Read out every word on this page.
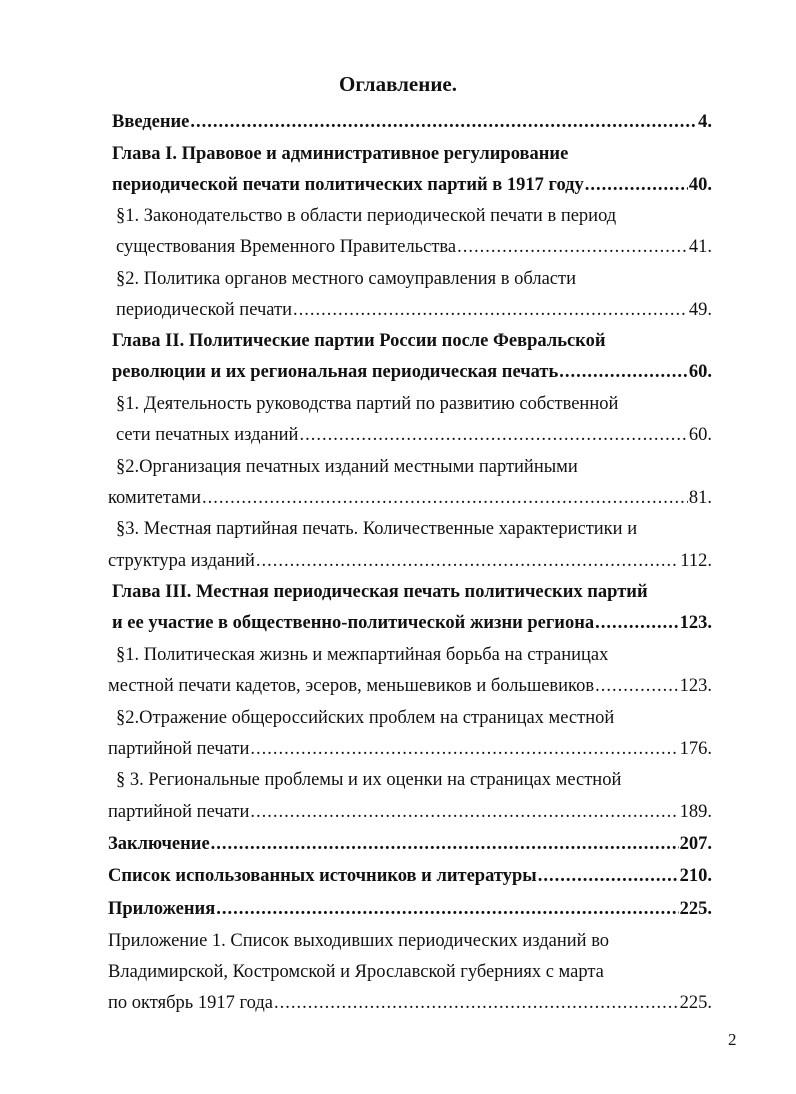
Оглавление.
Введение .....	4.
Глава I. Правовое и административное регулирование
периодической печати политических партий в 1917 году .....	40.
§1. Законодательство в области периодической печати в период
существования Временного Правительства .....	41.
§2. Политика органов местного самоуправления в области
периодической печати .....	49.
Глава II. Политические партии России после Февральской
революции и их региональная периодическая печать .....	60.
§1. Деятельность руководства партий по развитию собственной
сети печатных изданий .....	60.
§2.Организация печатных изданий местными партийными
комитетами .....	81.
§3. Местная партийная печать. Количественные характеристики и
структура изданий .....	112.
Глава III. Местная периодическая печать политических партий
и ее участие в общественно-политической жизни региона .....	123.
§1. Политическая жизнь и межпартийная борьба на страницах
местной печати кадетов, эсеров, меньшевиков и большевиков .....	123.
§2.Отражение общероссийских проблем на страницах местной
партийной печати .....	176.
§ 3. Региональные проблемы и их оценки на страницах местной
партийной печати .....	189.
Заключение .....	207.
Список использованных источников и литературы .....	210.
Приложения .....	225.
Приложение 1. Список выходивших периодических изданий во
Владимирской, Костромской и Ярославской губерниях с марта
по октябрь 1917 года .....	225.
2
